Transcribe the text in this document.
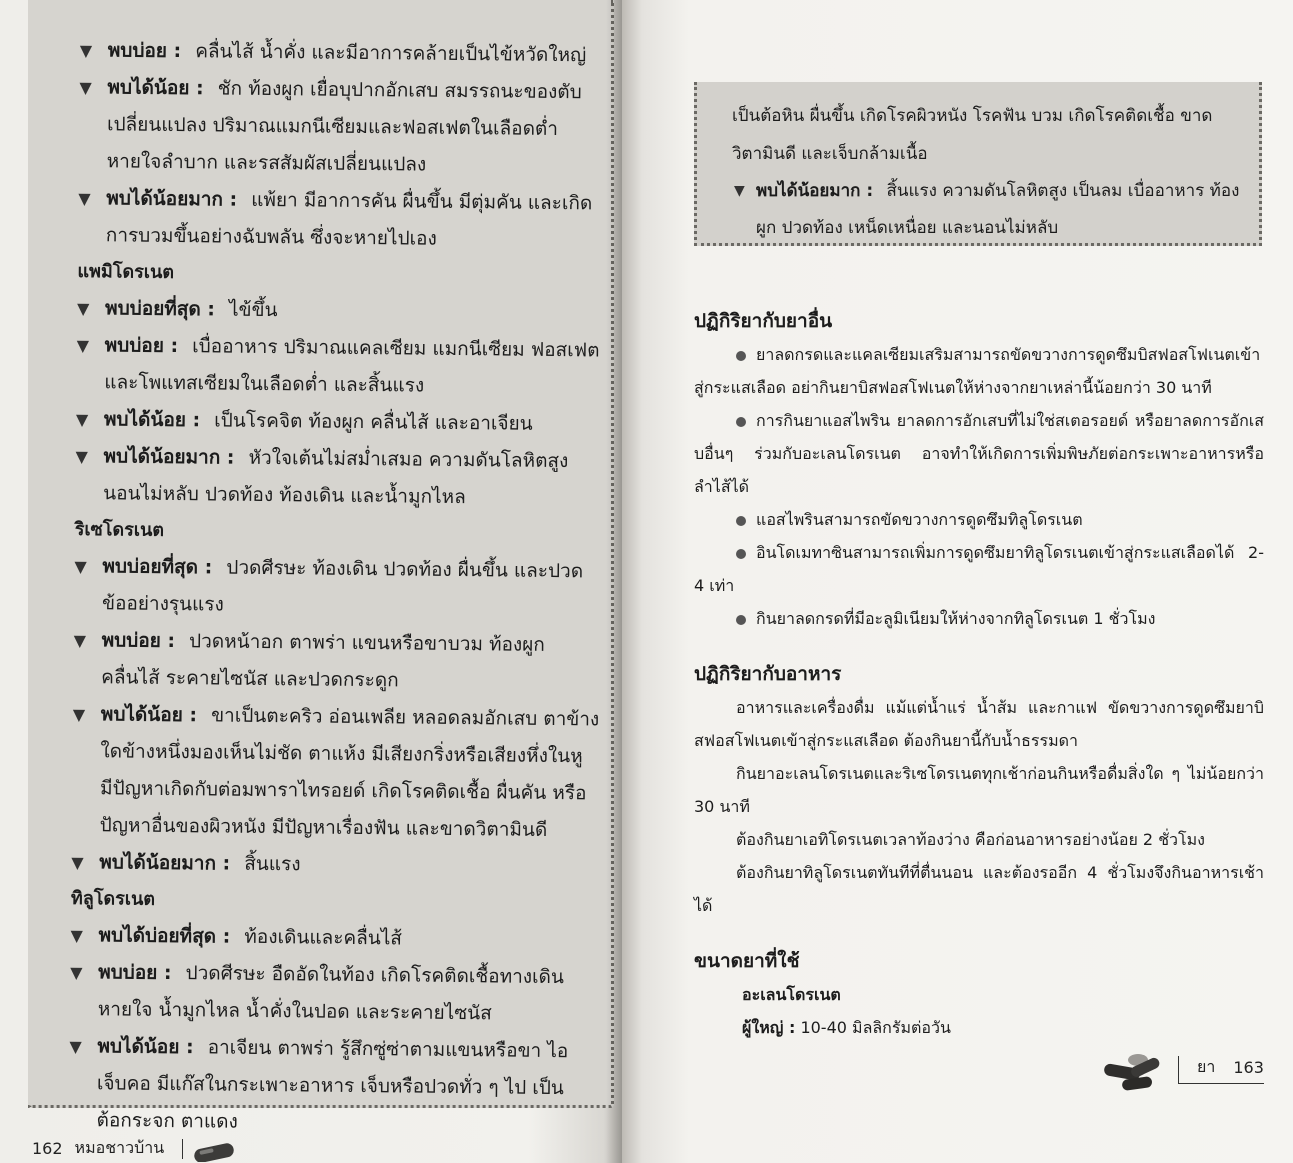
▼ พบบ่อย : คลื่นไส้ น้ำคั่ง และมีอาการคล้ายเป็นไข้หวัดใหญ่
▼ พบได้น้อย : ชัก ท้องผูก เยื่อบุปากอักเสบ สมรรถนะของตับเปลี่ยนแปลง ปริมาณแมกนีเซียมและฟอสเฟตในเลือดต่ำ หายใจลำบาก และรสสัมผัสเปลี่ยนแปลง
▼ พบได้น้อยมาก : แพ้ยา มีอาการคัน ผื่นขึ้น มีตุ่มคัน และเกิดการบวมขึ้นอย่างฉับพลัน ซึ่งจะหายไปเอง
แพมิโดรเนต
▼ พบบ่อยที่สุด : ไข้ขึ้น
▼ พบบ่อย : เบื่ออาหาร ปริมาณแคลเซียม แมกนีเซียม ฟอสเฟต และโพแทสเซียมในเลือดต่ำ และสิ้นแรง
▼ พบได้น้อย : เป็นโรคจิต ท้องผูก คลื่นไส้ และอาเจียน
▼ พบได้น้อยมาก : หัวใจเต้นไม่สม่ำเสมอ ความดันโลหิตสูง นอนไม่หลับ ปวดท้อง ท้องเดิน และน้ำมูกไหล
ริเซโดรเนต
▼ พบบ่อยที่สุด : ปวดศีรษะ ท้องเดิน ปวดท้อง ผื่นขึ้น และปวดข้ออย่างรุนแรง
▼ พบบ่อย : ปวดหน้าอก ตาพร่า แขนหรือขาบวม ท้องผูก คลื่นไส้ ระคายไซนัส และปวดกระดูก
▼ พบได้น้อย : ขาเป็นตะคริว อ่อนเพลีย หลอดลมอักเสบ ตาข้างใดข้างหนึ่งมองเห็นไม่ชัด ตาแห้ง มีเสียงกริ่งหรือเสียงหึ่งในหู มีปัญหาเกิดกับต่อมพาราไทรอยด์ เกิดโรคติดเชื้อ ผื่นคัน หรือปัญหาอื่นของผิวหนัง มีปัญหาเรื่องฟัน และขาดวิตามินดี
▼ พบได้น้อยมาก : สิ้นแรง
ทิลูโดรเนต
▼ พบได้บ่อยที่สุด : ท้องเดินและคลื่นไส้
▼ พบบ่อย : ปวดศีรษะ อืดอัดในท้อง เกิดโรคติดเชื้อทางเดินหายใจ น้ำมูกไหล น้ำคั่งในปอด และระคายไซนัส
▼ พบได้น้อย : อาเจียน ตาพร่า รู้สึกซู่ซ่าตามแขนหรือขา ไอ เจ็บคอ มีแก๊สในกระเพาะอาหาร เจ็บหรือปวดทั่ว ๆ ไป เป็นต้อกระจก ตาแดง
162 หมอชาวบ้าน
เป็นต้อหิน ผื่นขึ้น เกิดโรคผิวหนัง โรคฟัน บวม เกิดโรคติดเชื้อ ขาดวิตามินดี และเจ็บกล้ามเนื้อ
▼ พบได้น้อยมาก : สิ้นแรง ความดันโลหิตสูง เป็นลม เบื่ออาหาร ท้องผูก ปวดท้อง เหน็ดเหนื่อย และนอนไม่หลับ
ปฏิกิริยากับยาอื่น

ยาลดกรดและแคลเซียมเสริมสามารถขัดขวางการดูดซึมบิสฟอสโฟเนตเข้าสู่กระแสเลือด อย่ากินยาบิสฟอสโฟเนตให้ห่างจากยาเหล่านี้น้อยกว่า 30 นาที

การกินยาแอสไพริน ยาลดการอักเสบที่ไม่ใช่สเตอรอยด์ หรือยาลดการอักเสบอื่นๆ ร่วมกับอะเลนโดรเนต อาจทำให้เกิดการเพิ่มพิษภัยต่อกระเพาะอาหารหรือลำไส้ได้

แอสไพรินสามารถขัดขวางการดูดซึมทิลูโดรเนต

อินโดเมทาซินสามารถเพิ่มการดูดซึมยาทิลูโดรเนตเข้าสู่กระแสเลือดได้ 2-4 เท่า

กินยาลดกรดที่มีอะลูมิเนียมให้ห่างจากทิลูโดรเนต 1 ชั่วโมง

ปฏิกิริยากับอาหาร

อาหารและเครื่องดื่ม แม้แต่น้ำแร่ น้ำส้ม และกาแฟ ขัดขวางการดูดซึมยาบิสฟอสโฟเนตเข้าสู่กระแสเลือด ต้องกินยานี้กับน้ำธรรมดา

กินยาอะเลนโดรเนตและริเซโดรเนตทุกเช้าก่อนกินหรือดื่มสิ่งใด ๆ ไม่น้อยกว่า 30 นาที

ต้องกินยาเอทิโดรเนตเวลาท้องว่าง คือก่อนอาหารอย่างน้อย 2 ชั่วโมง

ต้องกินยาทิลูโดรเนตทันทีที่ตื่นนอน และต้องรออีก 4 ชั่วโมงจึงกินอาหารเช้าได้

ขนาดยาที่ใช้
อะเลนโดรเนต
ผู้ใหญ่ : 10-40 มิลลิกรัมต่อวัน
ยา 163
